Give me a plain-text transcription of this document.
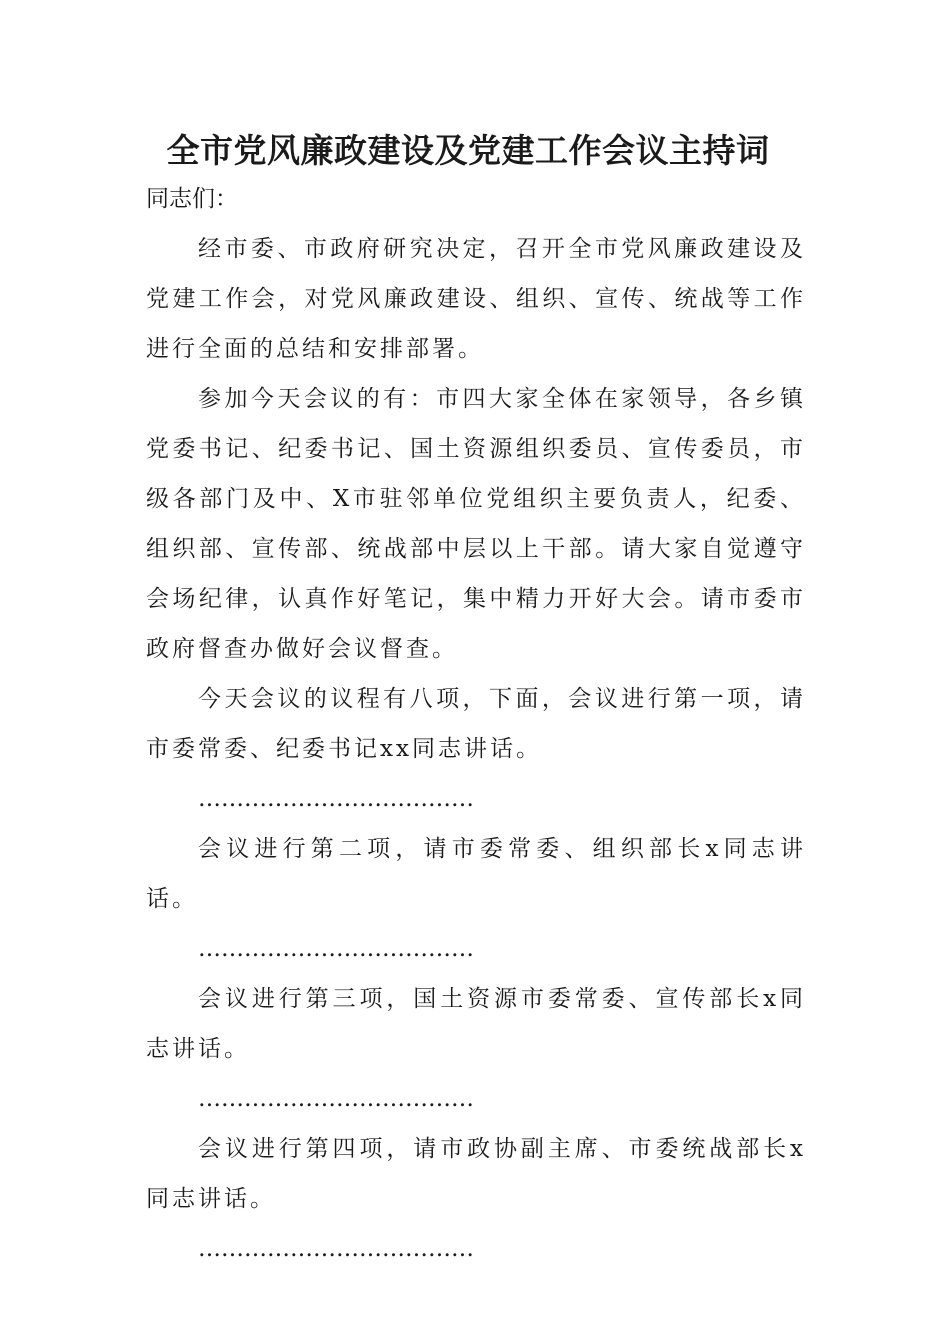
全市党风廉政建设及党建工作会议主持词

同志们：

经市委、市政府研究决定，召开全市党风廉政建设及党建工作会，对党风廉政建设、组织、宣传、统战等工作进行全面的总结和安排部署。

参加今天会议的有：市四大家全体在家领导，各乡镇党委书记、纪委书记、国土资源组织委员、宣传委员，市级各部门及中、X市驻邻单位党组织主要负责人，纪委、组织部、宣传部、统战部中层以上干部。请大家自觉遵守会场纪律，认真作好笔记，集中精力开好大会。请市委市政府督查办做好会议督查。

今天会议的议程有八项，下面，会议进行第一项，请市委常委、纪委书记xx同志讲话。

………………………………

会议进行第二项，请市委常委、组织部长x同志讲话。

………………………………

会议进行第三项，国土资源市委常委、宣传部长x同志讲话。

………………………………

会议进行第四项，请市政协副主席、市委统战部长x同志讲话。

………………………………
